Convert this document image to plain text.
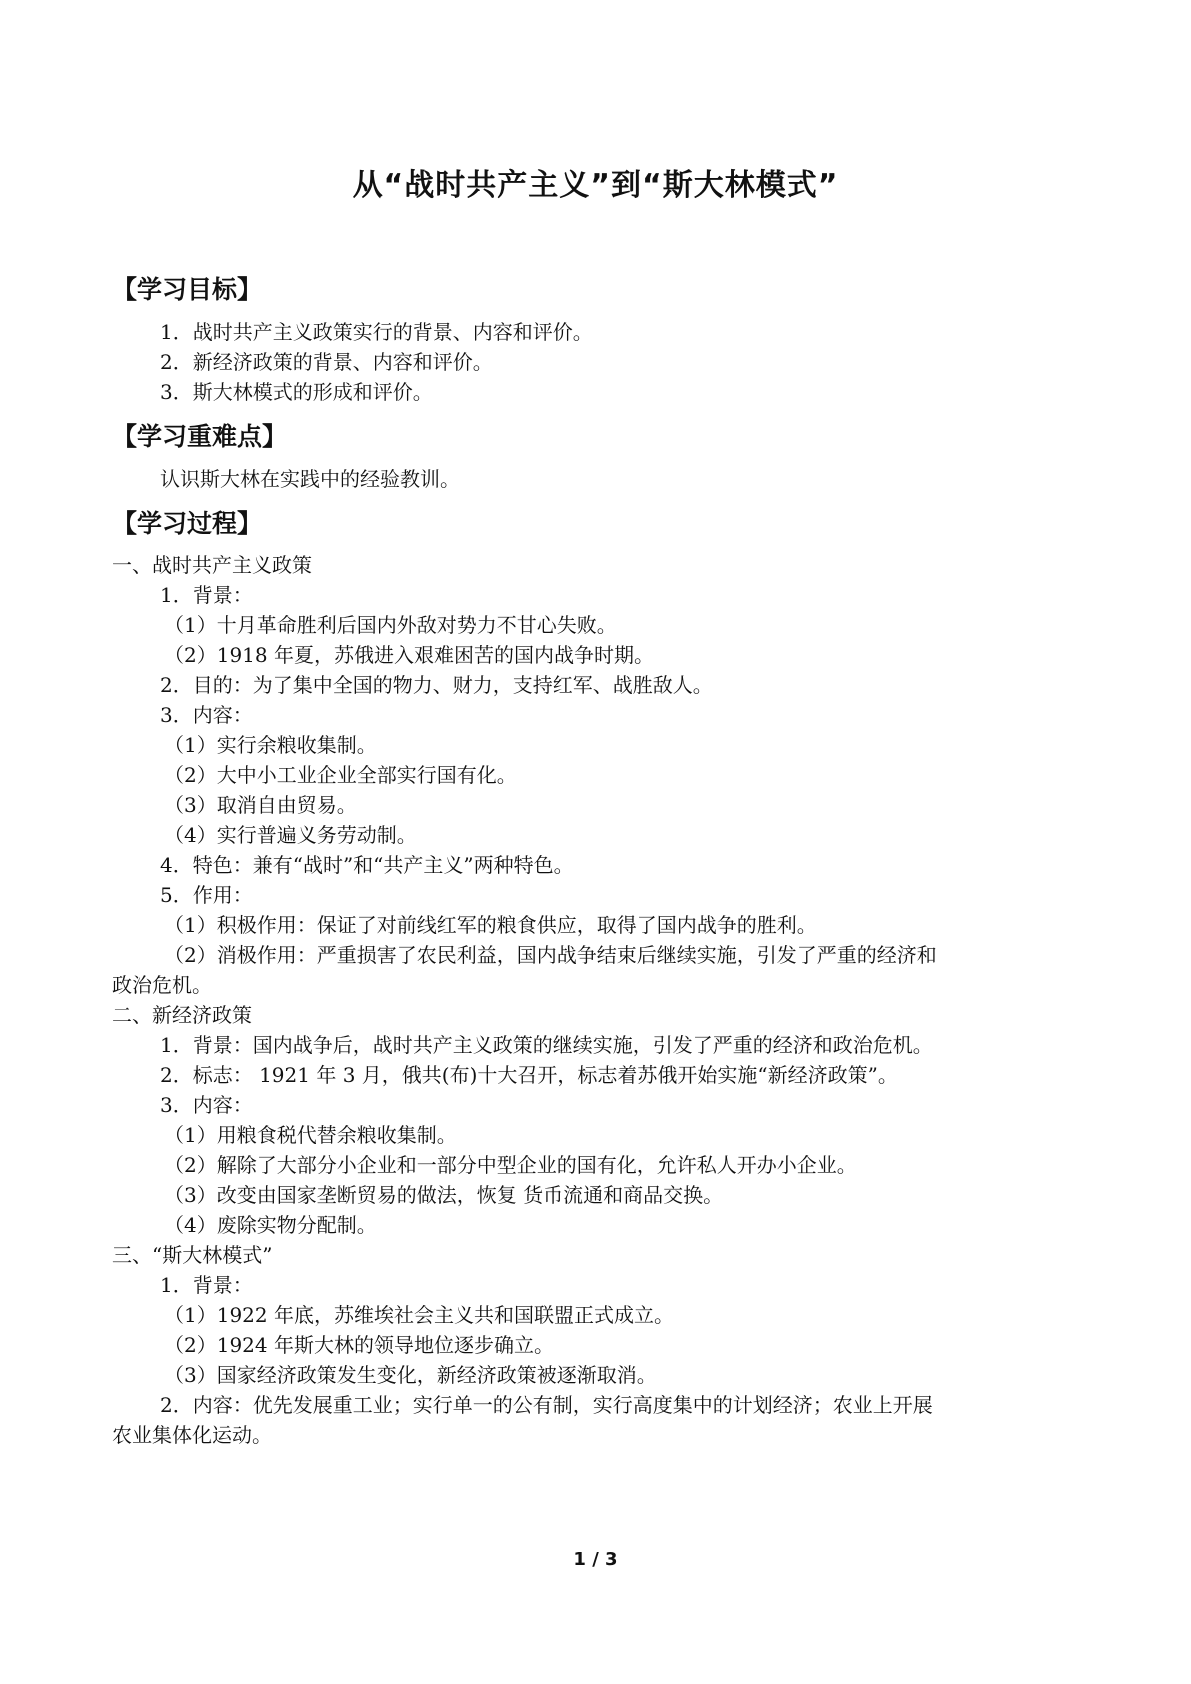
从“战时共产主义”到“斯大林模式”
【学习目标】
1．战时共产主义政策实行的背景、内容和评价。
2．新经济政策的背景、内容和评价。
3．斯大林模式的形成和评价。
【学习重难点】
认识斯大林在实践中的经验教训。
【学习过程】
一、战时共产主义政策
1．背景：
（1）十月革命胜利后国内外敌对势力不甘心失败。
（2）1918 年夏，苏俄进入艰难困苦的国内战争时期。
2．目的：为了集中全国的物力、财力，支持红军、战胜敌人。
3．内容：
（1）实行余粮收集制。
（2）大中小工业企业全部实行国有化。
（3）取消自由贸易。
（4）实行普遍义务劳动制。
4．特色：兼有“战时”和“共产主义”两种特色。
5．作用：
（1）积极作用：保证了对前线红军的粮食供应，取得了国内战争的胜利。
（2）消极作用：严重损害了农民利益，国内战争结束后继续实施，引发了严重的经济和
政治危机。
二、新经济政策
1．背景：国内战争后，战时共产主义政策的继续实施，引发了严重的经济和政治危机。
2．标志： 1921 年 3 月，俄共(布)十大召开，标志着苏俄开始实施“新经济政策”。
3．内容：
（1）用粮食税代替余粮收集制。
（2）解除了大部分小企业和一部分中型企业的国有化，允许私人开办小企业。
（3）改变由国家垄断贸易的做法，恢复 货币流通和商品交换。
（4）废除实物分配制。
三、“斯大林模式”
1．背景：
（1）1922 年底，苏维埃社会主义共和国联盟正式成立。
（2）1924 年斯大林的领导地位逐步确立。
（3）国家经济政策发生变化，新经济政策被逐渐取消。
2．内容：优先发展重工业；实行单一的公有制，实行高度集中的计划经济；农业上开展
农业集体化运动。
1 / 3
